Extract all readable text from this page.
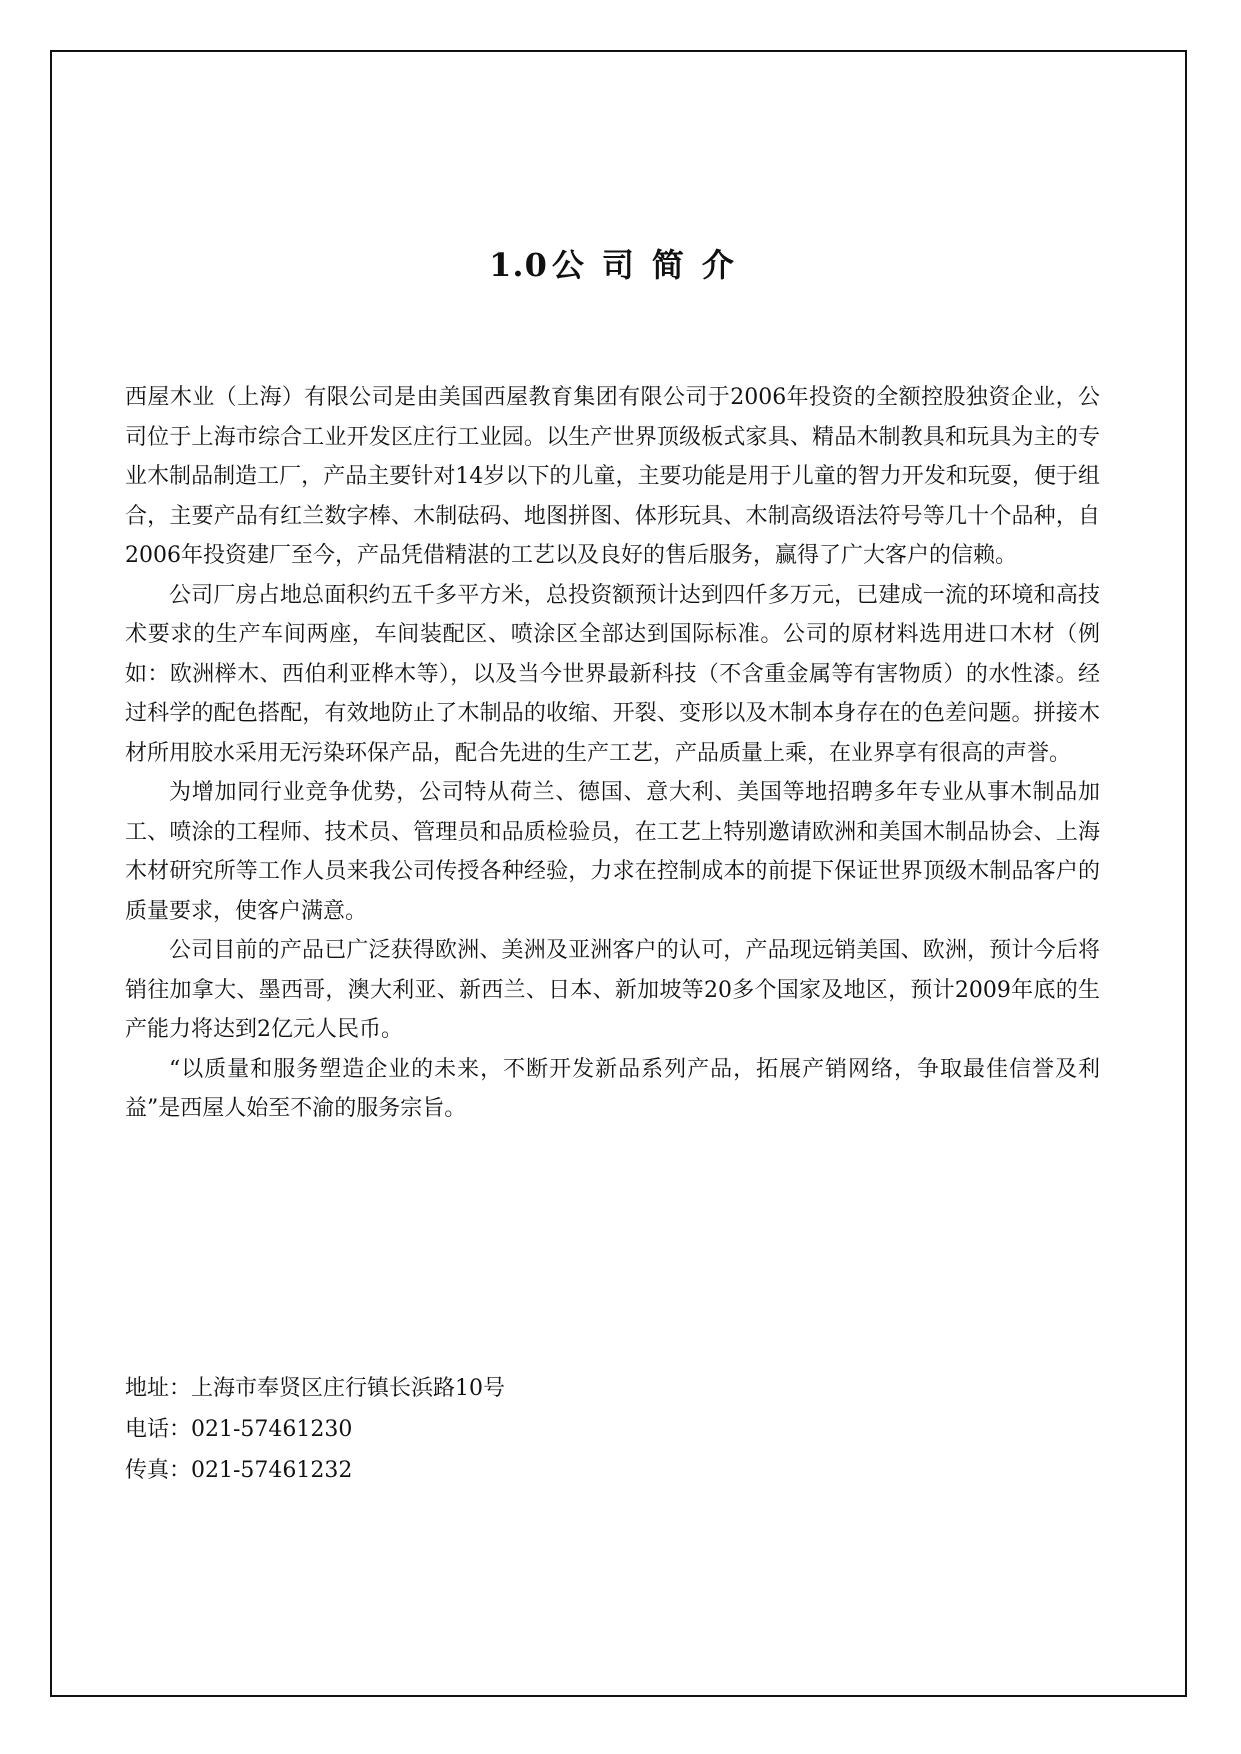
1.0 公司简介

西屋木业（上海）有限公司是由美国西屋教育集团有限公司于2006年投资的全额控股独资企业，公司位于上海市综合工业开发区庄行工业园。以生产世界顶级板式家具、精品木制教具和玩具为主的专业木制品制造工厂，产品主要针对14岁以下的儿童，主要功能是用于儿童的智力开发和玩耍，便于组合，主要产品有红兰数字棒、木制砝码、地图拼图、体形玩具、木制高级语法符号等几十个品种，自2006年投资建厂至今，产品凭借精湛的工艺以及良好的售后服务，赢得了广大客户的信赖。

公司厂房占地总面积约五千多平方米，总投资额预计达到四仟多万元，已建成一流的环境和高技术要求的生产车间两座，车间装配区、喷涂区全部达到国际标准。公司的原材料选用进口木材（例如：欧洲榉木、西伯利亚桦木等），以及当今世界最新科技（不含重金属等有害物质）的水性漆。经过科学的配色搭配，有效地防止了木制品的收缩、开裂、变形以及木制本身存在的色差问题。拼接木材所用胶水采用无污染环保产品，配合先进的生产工艺，产品质量上乘，在业界享有很高的声誉。

为增加同行业竞争优势，公司特从荷兰、德国、意大利、美国等地招聘多年专业从事木制品加工、喷涂的工程师、技术员、管理员和品质检验员，在工艺上特别邀请欧洲和美国木制品协会、上海木材研究所等工作人员来我公司传授各种经验，力求在控制成本的前提下保证世界顶级木制品客户的质量要求，使客户满意。

公司目前的产品已广泛获得欧洲、美洲及亚洲客户的认可，产品现远销美国、欧洲，预计今后将销往加拿大、墨西哥，澳大利亚、新西兰、日本、新加坡等20多个国家及地区，预计2009年底的生产能力将达到2亿元人民币。

“以质量和服务塑造企业的未来，不断开发新品系列产品，拓展产销网络，争取最佳信誉及利益”是西屋人始至不渝的服务宗旨。

地址：上海市奉贤区庄行镇长浜路10号
电话：021-57461230
传真：021-57461232
